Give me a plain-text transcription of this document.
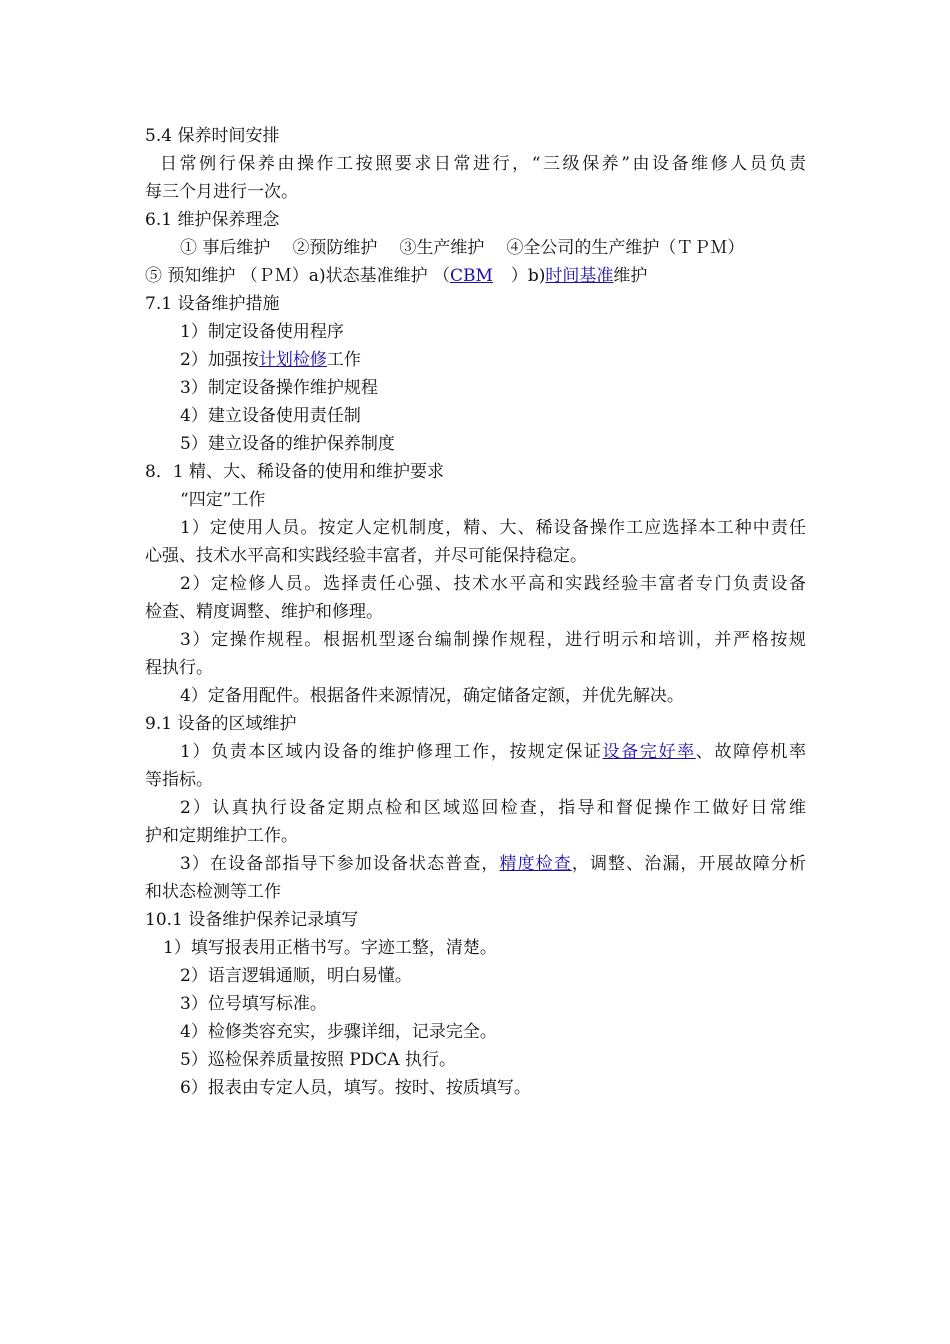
5.4 保养时间安排
日常例行保养由操作工按照要求日常进行，“三级保养”由设备维修人员负责
每三个月进行一次。
6.1 维护保养理念
① 事后维护 ②预防维护 ③生产维护 ④全公司的生产维护（ＴＰＭ）
⑤ 预知维护 （ＰＭ）a)状态基准维护 （CBM ）b)时间基准维护
7.1 设备维护措施
1）制定设备使用程序
2）加强按计划检修工作
3）制定设备操作维护规程
4）建立设备使用责任制
5）建立设备的维护保养制度
8．1 精、大、稀设备的使用和维护要求
“四定”工作
1）定使用人员。按定人定机制度，精、大、稀设备操作工应选择本工种中责任
心强、技术水平高和实践经验丰富者，并尽可能保持稳定。
2）定检修人员。选择责任心强、技术水平高和实践经验丰富者专门负责设备
检查、精度调整、维护和修理。
3）定操作规程。根据机型逐台编制操作规程，进行明示和培训，并严格按规
程执行。
4）定备用配件。根据备件来源情况，确定储备定额，并优先解决。
9.1 设备的区域维护
1）负责本区域内设备的维护修理工作，按规定保证设备完好率、故障停机率
等指标。
2）认真执行设备定期点检和区域巡回检查，指导和督促操作工做好日常维
护和定期维护工作。
3）在设备部指导下参加设备状态普查，精度检查，调整、治漏，开展故障分析
和状态检测等工作
10.1 设备维护保养记录填写
1）填写报表用正楷书写。字迹工整，清楚。
2）语言逻辑通顺，明白易懂。
3）位号填写标准。
4）检修类容充实，步骤详细，记录完全。
5）巡检保养质量按照 PDCA 执行。
6）报表由专定人员，填写。按时、按质填写。
